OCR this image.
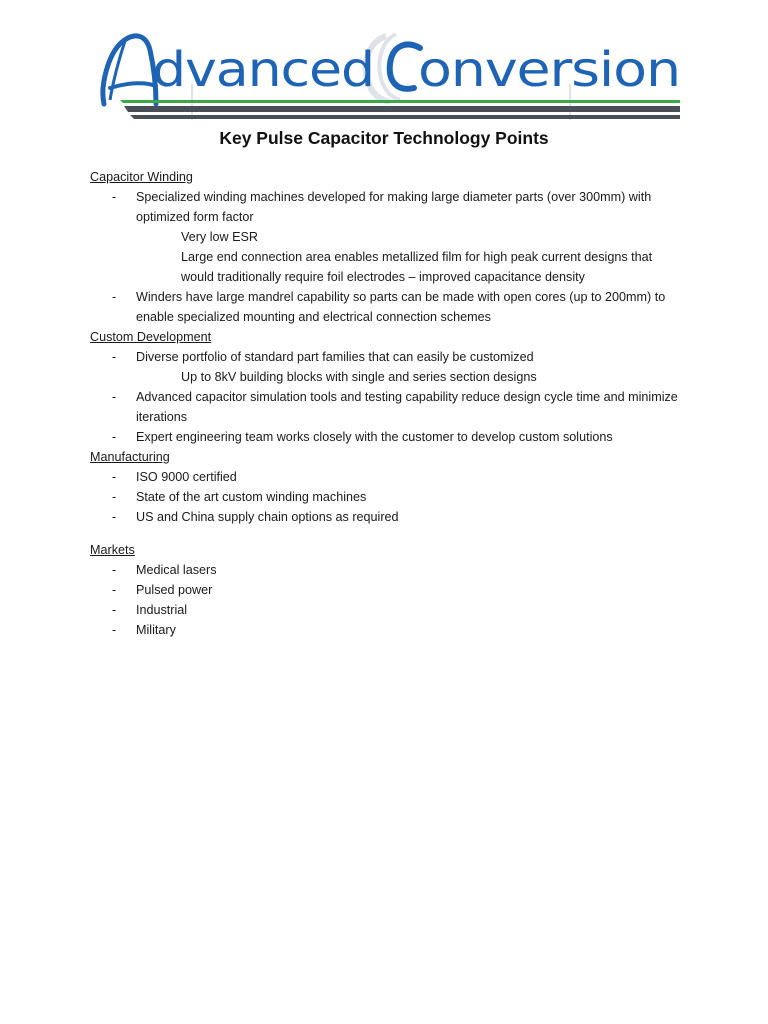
dvanced onversion
Key Pulse Capacitor Technology Points
Capacitor Winding
- Specialized winding machines developed for making large diameter parts (over 300mm) with optimized form factor
Very low ESR
Large end connection area enables metallized film for high peak current designs that would traditionally require foil electrodes – improved capacitance density
- Winders have large mandrel capability so parts can be made with open cores (up to 200mm) to enable specialized mounting and electrical connection schemes
Custom Development
- Diverse portfolio of standard part families that can easily be customized
Up to 8kV building blocks with single and series section designs
- Advanced capacitor simulation tools and testing capability reduce design cycle time and minimize iterations
- Expert engineering team works closely with the customer to develop custom solutions
Manufacturing
- ISO 9000 certified
- State of the art custom winding machines
- US and China supply chain options as required
Markets
- Medical lasers
- Pulsed power
- Industrial
- Military
